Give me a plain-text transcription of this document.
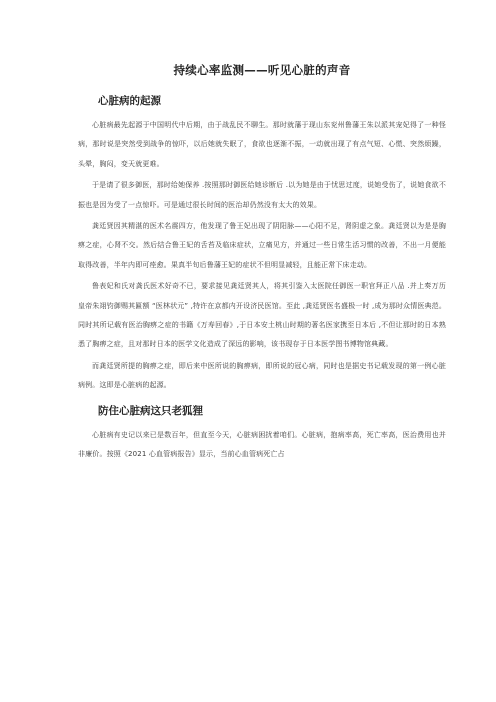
持续心率监测——听见心脏的声音
心脏病的起源

心脏病最先起源于中国明代中后期，由于战乱民不聊生。那时就藩于现山东兖州鲁藩王朱以派其宠妃得了一种怪病，那时说是突然受到战争的惊吓，以后她就失眠了，食欲也逐渐不振，一动就出现了有点气短、心慌、突然烦躁，头晕，胸闷，变天就更难。

于是请了很多御医，那时给她保养 .按照那时御医给她诊断后 .以为她是由于忧思过度，说她受伤了，说她食欲不振也是因为受了一点惊吓。可是通过很长时间的医治却仍然没有太大的效果。

龚廷贤因其精湛的医术名震四方，他发现了鲁王妃出现了阴阳脉——心阳不足，肾阴虚之象。龚廷贤以为是是胸痹之症，心肾不交。然后结合鲁王妃的舌苔及临床症状，立痛见方，并通过一些日常生活习惯的改善，不出一月便能取得改善，半年内即可痊愈。果真半旬后鲁藩王妃的症状不但明显减轻，且能正常下床走动。

鲁表妃和氏对龚氏医术好奇不已，要求接见龚廷贤其人，将其引鉴入太医院任御医一职官拜正八品 .并上奏万历皇帝朱翊钧御赐其匾额 “医林状元” ,特许在京都内开设济民医馆。至此 ,龚廷贤医名盛极一时 ,成为那时众情医典范。同时其所记载有医治胸痹之症的书籍《万寿回春》,于日本安土桃山时期的著名医家携至日本后 ,不但让那时的日本熟悉了胸痹之症，且对那时日本的医学文化造成了深远的影响，该书现存于日本医学图书博物馆典藏。

而龚廷贤所提的胸痹之症，即后来中医所说的胸痹病，即所说的冠心病，同时也是据史书记载发现的第一例心脏病例。这即是心脏病的起源。

防住心脏病这只老狐狸

心脏病有史记以来已是数百年，但直至今天，心脏病困扰着咱们。心脏病，抱病率高，死亡率高，医治费用也并非廉价。按照《2021 心血管病报告》显示，当前心血管病死亡占
